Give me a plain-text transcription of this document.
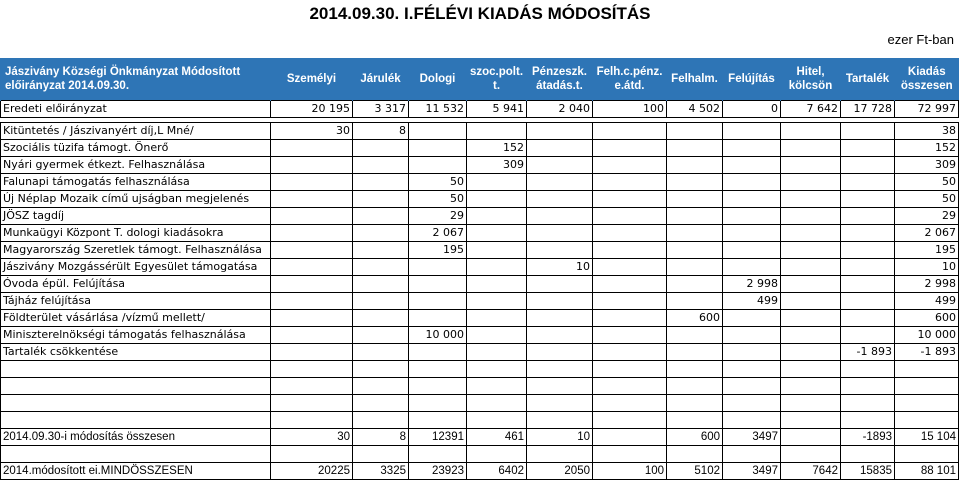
2014.09.30. I.FÉLÉVI KIADÁS MÓDOSÍTÁS
ezer Ft-ban
Jászivány Községi Önkmányzat Módosított előirányzat 2014.09.30.	Személyi	Járulék	Dologi	szoc.polt. t.	Pénzeszk. átadás.t.	Felh.c.pénz. e.átd.	Felhalm.	Felújítás	Hitel, kölcsön	Tartalék	Kiadás összesen
Eredeti előirányzat	20 195	3 317	11 532	5 941	2 040	100	4 502	0	7 642	17 728	72 997

Kitüntetés / Jászivanyért díj,L Mné/	30	8									38
Szociális tüzifa támogt. Önerő				152							152
Nyári gyermek étkezt. Felhasználása				309							309
Falunapi támogatás felhasználása			50								50
Új Néplap Mozaik című ujságban megjelenés			50								50
JÖSZ tagdíj			29								29
Munkaügyi Központ T. dologi kiadásokra			2 067								2 067
Magyarország Szeretlek támogt. Felhasználása			195								195
Jászivány Mozgássérült Egyesület támogatása					10						10
Óvoda épül. Felújítása								2 998			2 998
Tájház felújítása								499			499
Földterület vásárlása /vízmű mellett/							600				600
Miniszterelnökségi támogatás felhasználása			10 000								10 000
Tartalék csökkentése										-1 893	-1 893

2014.09.30-i módosítás összesen	30	8	12391	461	10		600	3497		-1893	15 104

2014.módosított ei.MINDÖSSZESEN	20225	3325	23923	6402	2050	100	5102	3497	7642	15835	88 101
